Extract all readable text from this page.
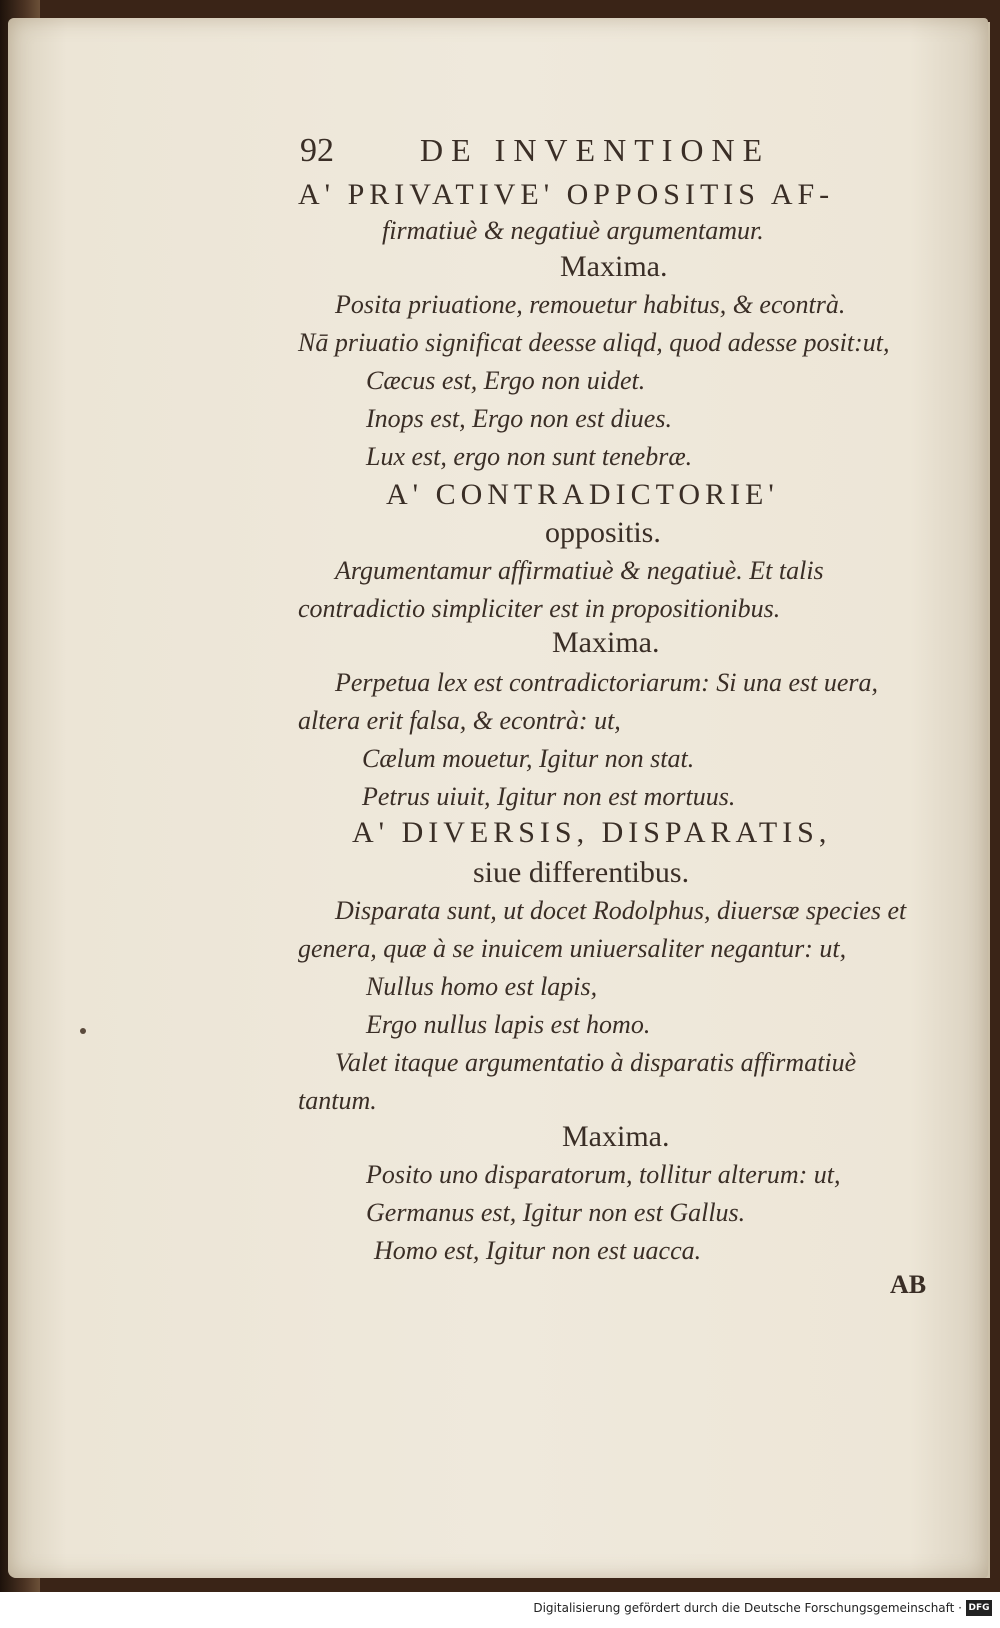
92	DE INVENTIONE
A' PRIVATIVE' OPPOSITIS AF-
firmatiuè & negatiuè argumentamur.
Maxima.
Posita priuatione, remouetur habitus, & econtrà.
Nā priuatio significat deesse aliqd, quod adesse posit:ut,
Cæcus est, Ergo non uidet.
Inops est, Ergo non est diues.
Lux est, ergo non sunt tenebræ.
A' CONTRADICTORIE'
oppositis.
Argumentamur affirmatiuè & negatiuè. Et talis
contradictio simpliciter est in propositionibus.
Maxima.
Perpetua lex est contradictoriarum: Si una est uera,
altera erit falsa, & econtrà: ut,
Cælum mouetur, Igitur non stat.
Petrus uiuit, Igitur non est mortuus.
A' DIVERSIS, DISPARATIS,
siue differentibus.
Disparata sunt, ut docet Rodolphus, diuersæ species et
genera, quæ à se inuicem uniuersaliter negantur: ut,
Nullus homo est lapis,
Ergo nullus lapis est homo.
Valet itaque argumentatio à disparatis affirmatiuè
tantum.
Maxima.
Posito uno disparatorum, tollitur alterum: ut,
Germanus est, Igitur non est Gallus.
Homo est, Igitur non est uacca.
AB
Digitalisierung gefördert durch die Deutsche Forschungsgemeinschaft · DFG
